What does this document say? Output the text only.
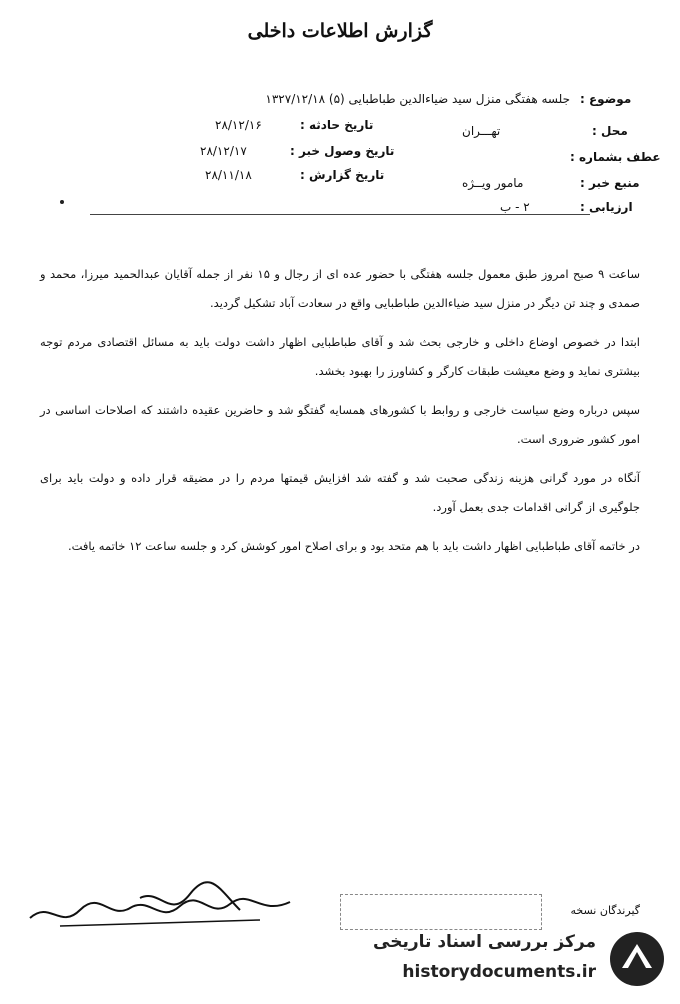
گزارش اطلاعات داخلی
موضوع :
جلسه هفتگی منزل سید ضیاءالدین طباطبایی (۵) ۱۳۲۷/۱۲/۱۸
محل :
تهـــران
عطف بشماره :
منبع خبر :
مامور ویــژه
ارزیابی :
۲ - ب
تاریخ حادثه :
۲۸/۱۲/۱۶
تاریخ وصول خبر :
۲۸/۱۲/۱۷
تاریخ گزارش :
۲۸/۱۱/۱۸

ساعت ۹ صبح امروز طبق معمول جلسه هفتگی با حضور عده ای از رجال و ۱۵ نفر از جمله آقایان عبدالحمید میرزا، محمد و صمدی و چند تن دیگر در منزل سید ضیاءالدین طباطبایی واقع در سعادت آباد تشکیل گردید.

ابتدا در خصوص اوضاع داخلی و خارجی بحث شد و آقای طباطبایی اظهار داشت دولت باید به مسائل اقتصادی مردم توجه بیشتری نماید و وضع معیشت طبقات کارگر و کشاورز را بهبود بخشد.

سپس درباره وضع سیاست خارجی و روابط با کشورهای همسایه گفتگو شد و حاضرین عقیده داشتند که اصلاحات اساسی در امور کشور ضروری است.

آنگاه در مورد گرانی هزینه زندگی صحبت شد و گفته شد افزایش قیمتها مردم را در مضیقه قرار داده و دولت باید برای جلوگیری از گرانی اقدامات جدی بعمل آورد.

در خاتمه آقای طباطبایی اظهار داشت باید با هم متحد بود و برای اصلاح امور کوشش کرد و جلسه ساعت ۱۲ خاتمه یافت.

گیرندگان نسخه
مرکز بررسی اسناد تاریخی
historydocuments.ir
